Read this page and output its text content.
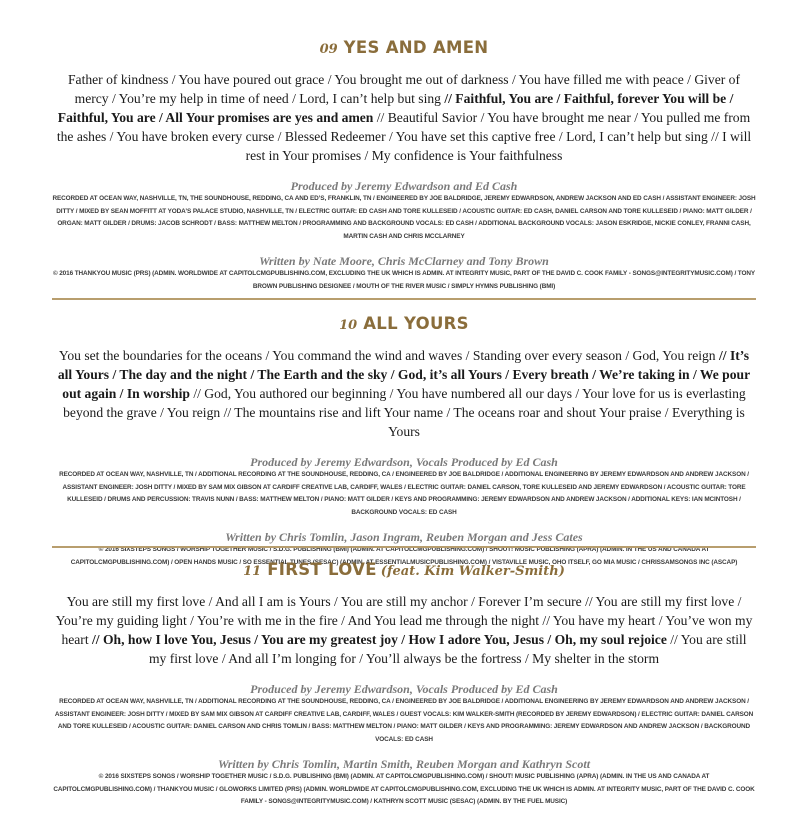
09 YES AND AMEN

Father of kindness / You have poured out grace / You brought me out of darkness / You have filled me with peace / Giver of mercy / You’re my help in time of need / Lord, I can’t help but sing // Faithful, You are / Faithful, forever You will be / Faithful, You are / All Your promises are yes and amen // Beautiful Savior / You have brought me near / You pulled me from the ashes / You have broken every curse / Blessed Redeemer / You have set this captive free / Lord, I can’t help but sing // I will rest in Your promises / My confidence is Your faithfulness

Produced by Jeremy Edwardson and Ed Cash
RECORDED AT OCEAN WAY, NASHVILLE, TN, THE SOUNDHOUSE, REDDING, CA AND ED’S, FRANKLIN, TN / ENGINEERED BY JOE BALDRIDGE, JEREMY EDWARDSON, ANDREW JACKSON AND ED CASH / ASSISTANT ENGINEER: JOSH DITTY / MIXED BY SEAN MOFFITT AT YODA’S PALACE STUDIO, NASHVILLE, TN / ELECTRIC GUITAR: ED CASH AND TORE KULLESEID / ACOUSTIC GUITAR: ED CASH, DANIEL CARSON AND TORE KULLESEID / PIANO: MATT GILDER / ORGAN: MATT GILDER / DRUMS: JACOB SCHRODT / BASS: MATTHEW MELTON / PROGRAMMING AND BACKGROUND VOCALS: ED CASH / ADDITIONAL BACKGROUND VOCALS: JASON ESKRIDGE, NICKIE CONLEY, FRANNI CASH, MARTIN CASH AND CHRIS MCCLARNEY
Written by Nate Moore, Chris McClarney and Tony Brown
© 2016 THANKYOU MUSIC (PRS) (ADMIN. WORLDWIDE AT CAPITOLCMGPUBLISHING.COM, EXCLUDING THE UK WHICH IS ADMIN. AT INTEGRITY MUSIC, PART OF THE DAVID C. COOK FAMILY - SONGS@INTEGRITYMUSIC.COM) / TONY BROWN PUBLISHING DESIGNEE / MOUTH OF THE RIVER MUSIC / SIMPLY HYMNS PUBLISHING (BMI)
10 ALL YOURS

You set the boundaries for the oceans / You command the wind and waves / Standing over every season / God, You reign // It’s all Yours / The day and the night / The Earth and the sky / God, it’s all Yours / Every breath / We’re taking in / We pour out again / In worship // God, You authored our beginning / You have numbered all our days / Your love for us is everlasting beyond the grave / You reign // The mountains rise and lift Your name / The oceans roar and shout Your praise / Everything is Yours

Produced by Jeremy Edwardson, Vocals Produced by Ed Cash
RECORDED AT OCEAN WAY, NASHVILLE, TN / ADDITIONAL RECORDING AT THE SOUNDHOUSE, REDDING, CA / ENGINEERED BY JOE BALDRIDGE / ADDITIONAL ENGINEERING BY JEREMY EDWARDSON AND ANDREW JACKSON / ASSISTANT ENGINEER: JOSH DITTY / MIXED BY SAM MIX GIBSON AT CARDIFF CREATIVE LAB, CARDIFF, WALES / ELECTRIC GUITAR: DANIEL CARSON, TORE KULLESEID AND JEREMY EDWARDSON / ACOUSTIC GUITAR: TORE KULLESEID / DRUMS AND PERCUSSION: TRAVIS NUNN / BASS: MATTHEW MELTON / PIANO: MATT GILDER / KEYS AND PROGRAMMING: JEREMY EDWARDSON AND ANDREW JACKSON / ADDITIONAL KEYS: IAN MCINTOSH / BACKGROUND VOCALS: ED CASH
Written by Chris Tomlin, Jason Ingram, Reuben Morgan and Jess Cates
© 2016 SIXSTEPS SONGS / WORSHIP TOGETHER MUSIC / S.D.G. PUBLISHING (BMI) (ADMIN. AT CAPITOLCMGPUBLISHING.COM) / SHOUT! MUSIC PUBLISHING (APRA) (ADMIN. IN THE US AND CANADA AT CAPITOLCMGPUBLISHING.COM) / OPEN HANDS MUSIC / SO ESSENTIAL TUNES (SESAC) (ADMIN. AT ESSENTIALMUSICPUBLISHING.COM) / VISTAVILLE MUSIC, OHO ITSELF, GO MIA MUSIC / CHRISSAMSONGS INC (ASCAP)
11 FIRST LOVE (feat. Kim Walker-Smith)

You are still my first love / And all I am is Yours / You are still my anchor / Forever I’m secure // You are still my first love / You’re my guiding light / You’re with me in the fire / And You lead me through the night // You have my heart / You’ve won my heart // Oh, how I love You, Jesus / You are my greatest joy / How I adore You, Jesus / Oh, my soul rejoice // You are still my first love / And all I’m longing for / You’ll always be the fortress / My shelter in the storm

Produced by Jeremy Edwardson, Vocals Produced by Ed Cash
RECORDED AT OCEAN WAY, NASHVILLE, TN / ADDITIONAL RECORDING AT THE SOUNDHOUSE, REDDING, CA / ENGINEERED BY JOE BALDRIDGE / ADDITIONAL ENGINEERING BY JEREMY EDWARDSON AND ANDREW JACKSON / ASSISTANT ENGINEER: JOSH DITTY / MIXED BY SAM MIX GIBSON AT CARDIFF CREATIVE LAB, CARDIFF, WALES / GUEST VOCALS: KIM WALKER-SMITH (RECORDED BY JEREMY EDWARDSON) / ELECTRIC GUITAR: DANIEL CARSON AND TORE KULLESEID / ACOUSTIC GUITAR: DANIEL CARSON AND CHRIS TOMLIN / BASS: MATTHEW MELTON / PIANO: MATT GILDER / KEYS AND PROGRAMMING: JEREMY EDWARDSON AND ANDREW JACKSON / BACKGROUND VOCALS: ED CASH
Written by Chris Tomlin, Martin Smith, Reuben Morgan and Kathryn Scott
© 2016 SIXSTEPS SONGS / WORSHIP TOGETHER MUSIC / S.D.G. PUBLISHING (BMI) (ADMIN. AT CAPITOLCMGPUBLISHING.COM) / SHOUT! MUSIC PUBLISHING (APRA) (ADMIN. IN THE US AND CANADA AT CAPITOLCMGPUBLISHING.COM) / THANKYOU MUSIC / GLOWORKS LIMITED (PRS) (ADMIN. WORLDWIDE AT CAPITOLCMGPUBLISHING.COM, EXCLUDING THE UK WHICH IS ADMIN. AT INTEGRITY MUSIC, PART OF THE DAVID C. COOK FAMILY - SONGS@INTEGRITYMUSIC.COM) / KATHRYN SCOTT MUSIC (SESAC) (ADMIN. BY THE FUEL MUSIC)
